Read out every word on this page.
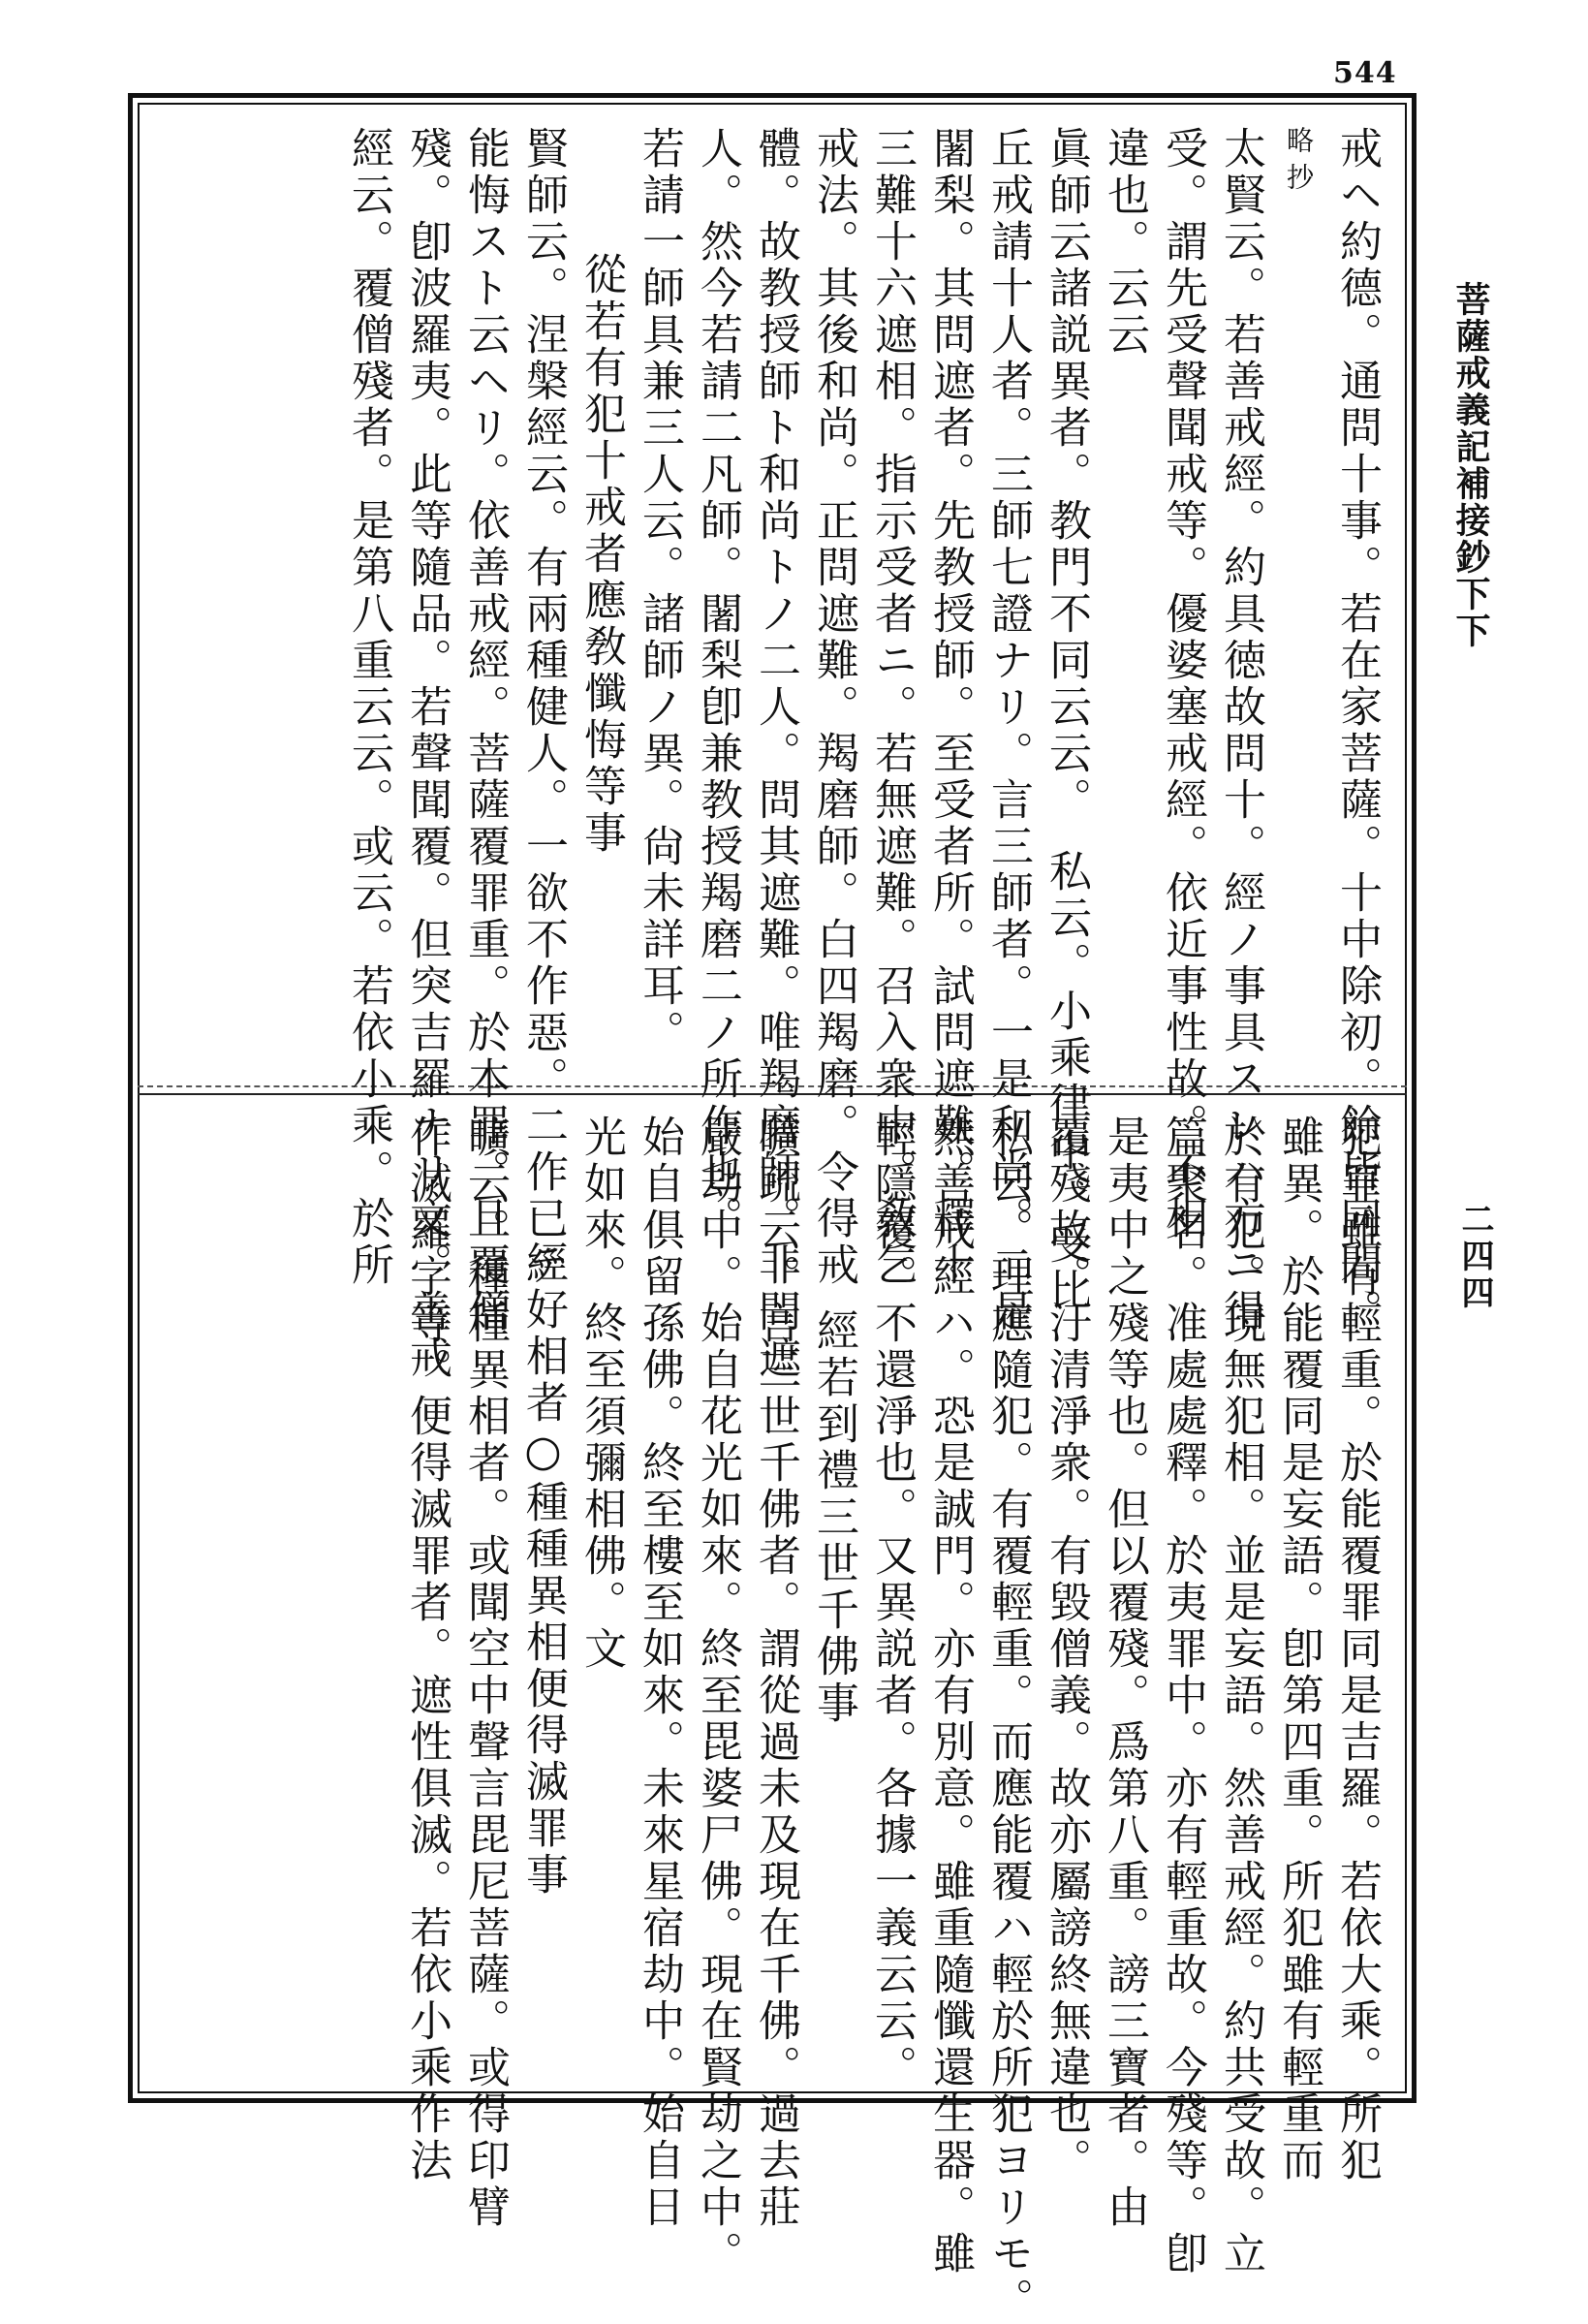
544
菩薩戒義記補接鈔下下
二四四
戒ヘ約德。通問十事。若在家菩薩。十中除初。餘皆同問。
略抄
太賢云。若善戒經。約具徳故問十。經ノ事具スレハ方ニ得
受。謂先受聲聞戒等。優婆塞戒經。依近事性故。不相
違也。云云
眞師云諸説異者。教門不同云云。　私云。小乘律中。受比
丘戒請十人者。三師七證ナリ。言三師者。一是和尚。二是
闍梨。其問遮者。先教授師。至受者所。試問遮難。釋十
三難十六遮相。指示受者ニ。若無遮難。召入衆中。敎乞
戒法。其後和尚。正問遮難。羯磨師。白四羯磨。令得戒
體。故教授師ト和尚トノ二人。問其遮難。唯羯磨師。非問遮
人。然今若請二凡師。闍梨卽兼教授羯磨二ノ所作也。
若請一師具兼三人云。諸師ノ異。尙未詳耳。
從若有犯十戒者應敎懺悔等事
賢師云。涅槃經云。有兩種健人。一欲不作惡。二作已テ
能悔スト云ヘリ。依善戒經。菩薩覆罪重。於本罪。且覆僧
殘。卽波羅夷。此等隨品。若聲聞覆。但突吉羅ナリ文。善戒
經云。覆僧殘者。是第八重云云。或云。若依小乘。於所
犯罪雖有輕重。於能覆罪同是吉羅。若依大乘。所犯
雖異。於能覆同是妄語。卽第四重。所犯雖有輕重而
於有犯。現無犯相。並是妄語。然善戒經。約共受故。立
篇聚名。准處處釋。於夷罪中。亦有輕重故。今殘等。卽
是夷中之殘等也。但以覆殘。爲第八重。謗三寶者。由
覆殘故。汙清淨衆。有毀僧義。故亦屬謗終無違也。
私云。理應隨犯。有覆輕重。而應能覆ハ輕於所犯ヨリモ。
然善戒經ハ。恐是誠門。亦有別意。雖重隨懺還生器。雖
輕隱覆。不還淨也。又異説者。各據一義云云。
經若到禮三世千佛事
曠疏云。言三世千佛者。謂從過未及現在千佛。過去莊
嚴劫中。始自花光如來。終至毘婆尸佛。現在賢劫之中。
始自俱留孫佛。終至樓至如來。未來星宿劫中。始自日
光如來。終至須彌相佛。文
經好相者○種種異相便得滅罪事
曠云。種種異相者。或聞空中聲言毘尼菩薩。或得印臂
作滅羅字等。便得滅罪者。遮性俱滅。若依小乘作法
